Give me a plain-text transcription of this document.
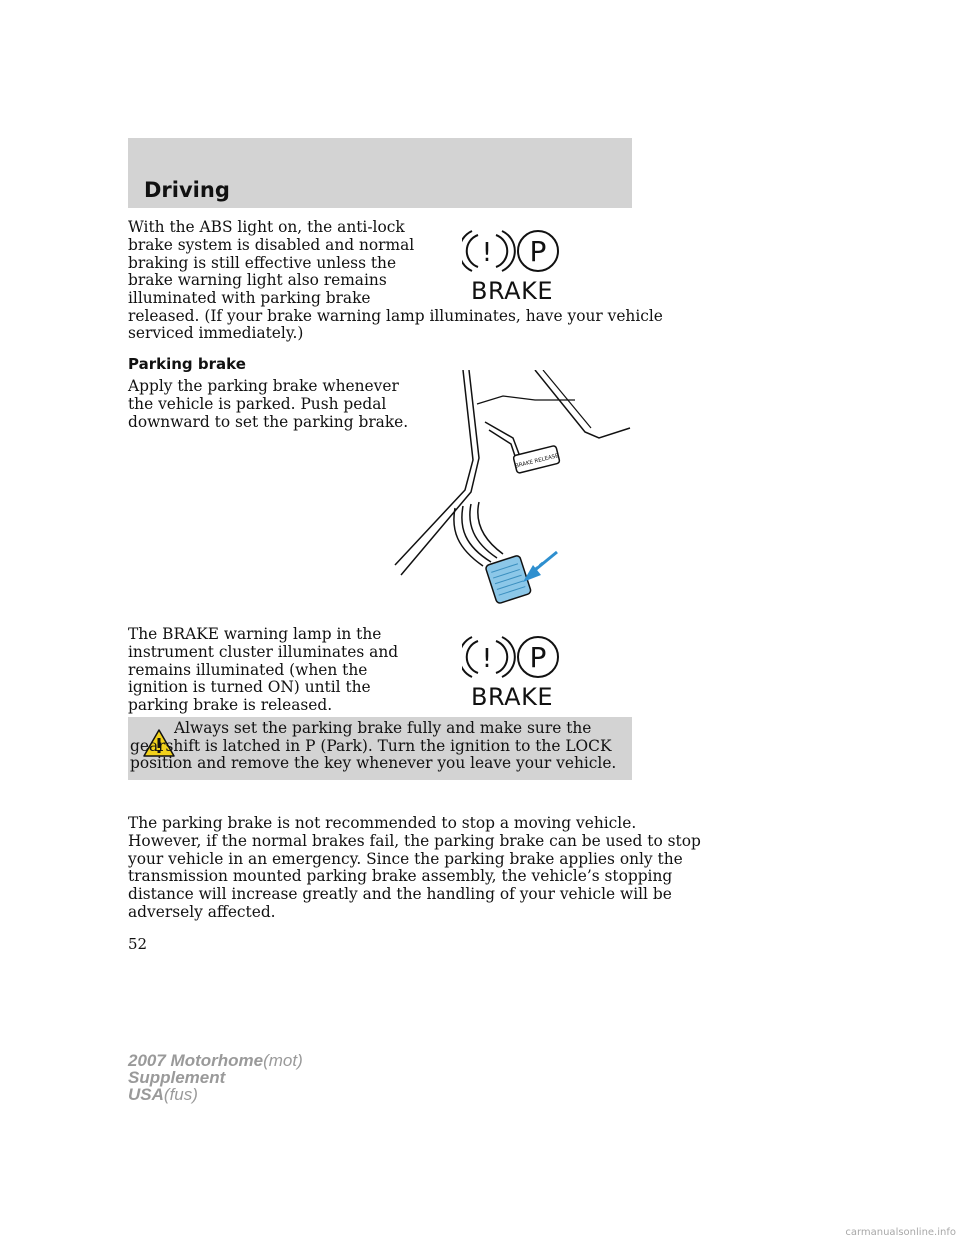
Driving

With the ABS light on, the anti-lock

brake system is disabled and normal

braking is still effective unless the

brake warning light also remains

illuminated with parking brake

released. (If your brake warning lamp illuminates, have your vehicle

serviced immediately.)

! P
BRAKE
Parking brake

Apply the parking brake whenever

the vehicle is parked. Push pedal

downward to set the parking brake.

BRAKE RELEASE

The BRAKE warning lamp in the

instrument cluster illuminates and

remains illuminated (when the

ignition is turned ON) until the

parking brake is released.

! P
BRAKE

Always set the parking brake fully and make sure the gearshift is latched in P (Park). Turn the ignition to the LOCK position and remove the key whenever you leave your vehicle.

The parking brake is not recommended to stop a moving vehicle.

However, if the normal brakes fail, the parking brake can be used to stop

your vehicle in an emergency. Since the parking brake applies only the

transmission mounted parking brake assembly, the vehicle’s stopping

distance will increase greatly and the handling of your vehicle will be

adversely affected.

52
2007 Motorhome(mot)
Supplement
USA(fus)
carmanualsonline.info
